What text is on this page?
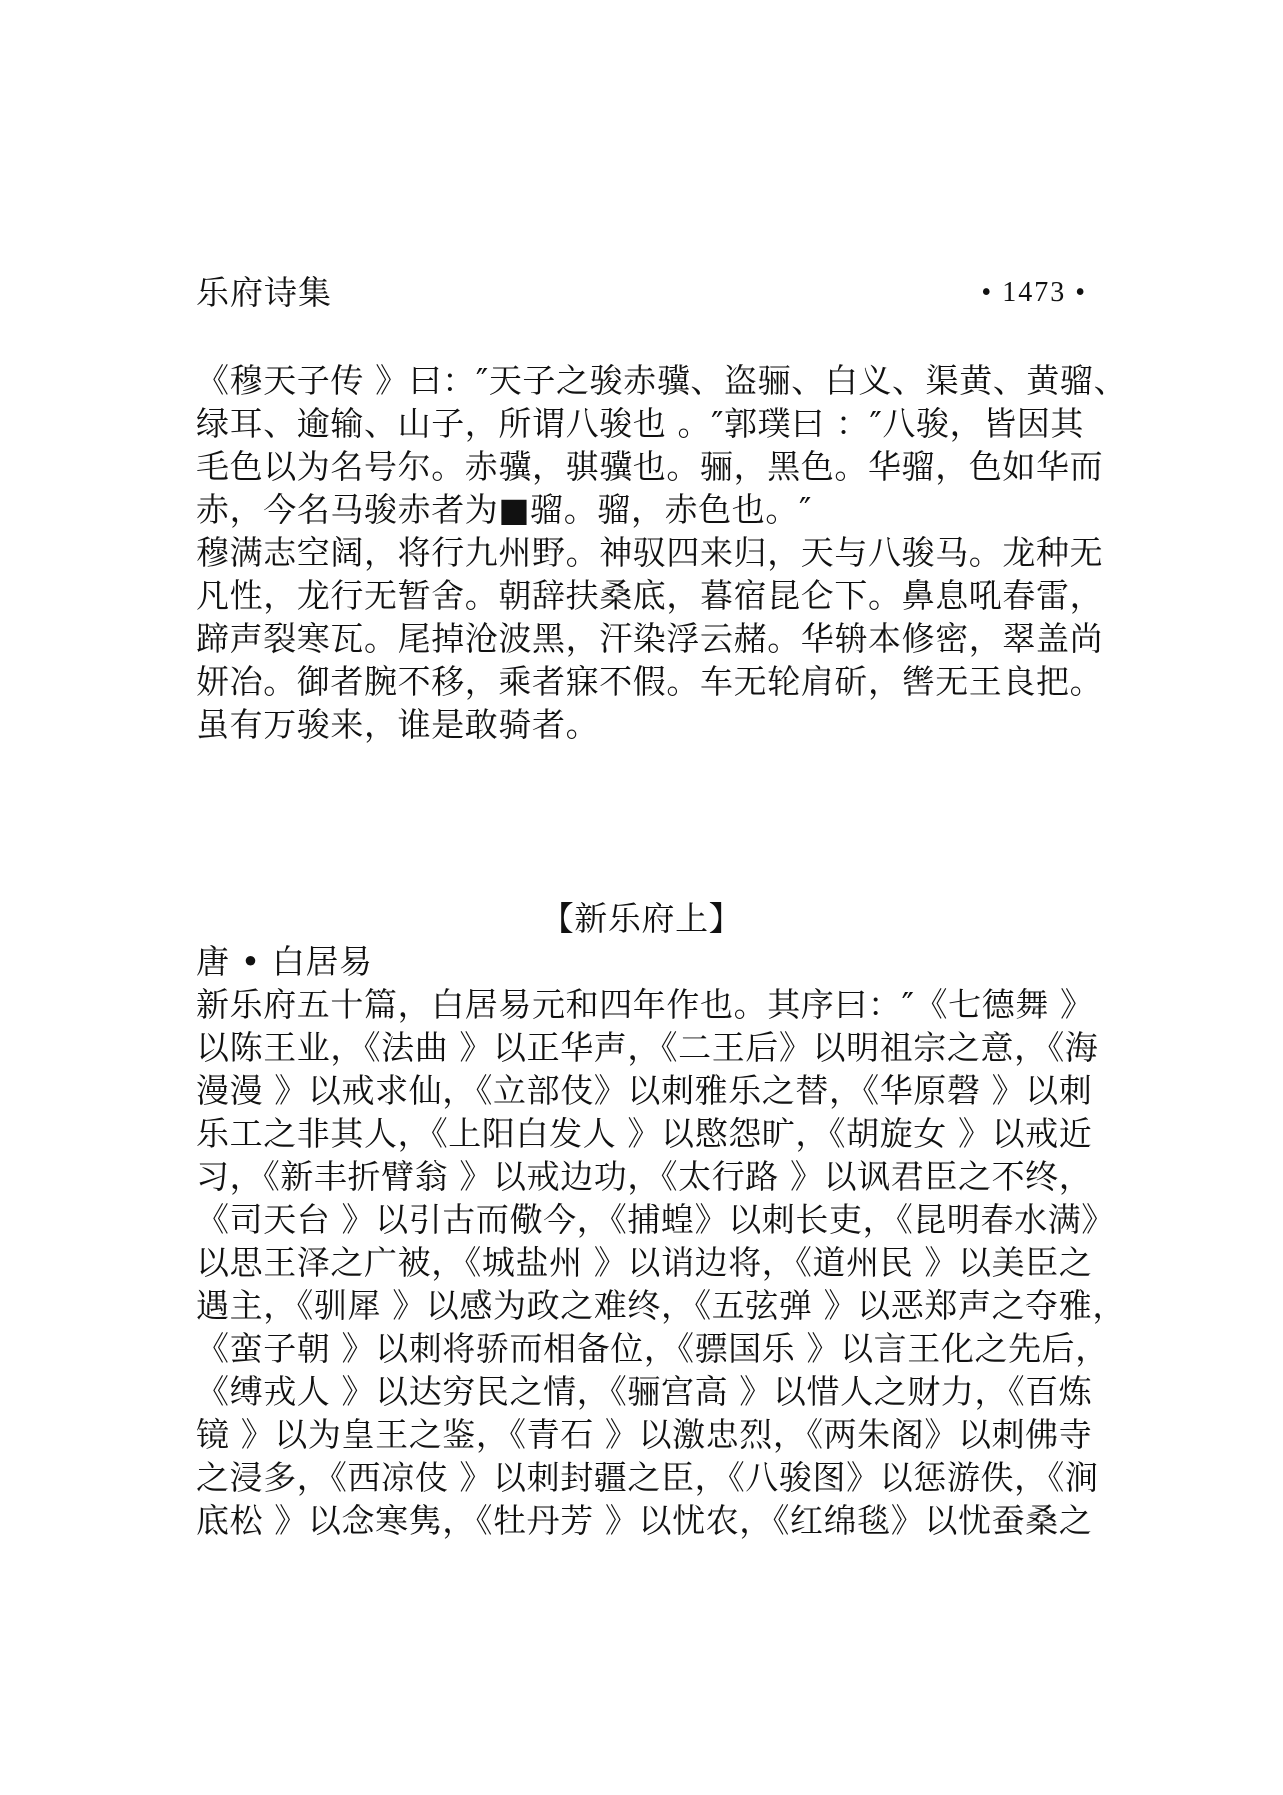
乐府诗集	• 1473 •
《穆天子传 》曰：″天子之骏赤骥、盗骊、白义、渠黄、黄骝、
绿耳、逾输、山子，所谓八骏也 。″郭璞曰 ：″八骏，皆因其
毛色以为名号尔。赤骥，骐骥也。骊，黑色。华骝，色如华而
赤，今名马骏赤者为■骝。骝，赤色也。″
穆满志空阔，将行九州野。神驭四来归，天与八骏马。龙种无
凡性，龙行无暂舍。朝辞扶桑底，暮宿昆仑下。鼻息吼春雷，
蹄声裂寒瓦。尾掉沧波黑，汗染浮云赭。华辀本修密，翠盖尚
妍冶。御者腕不移，乘者寐不假。车无轮肩斫，辔无王良把。
虽有万骏来，谁是敢骑者。
【新乐府上】
唐 • 白居易
新乐府五十篇，白居易元和四年作也。其序曰：″《七德舞 》
以陈王业，《法曲 》以正华声，《二王后》以明祖宗之意，《海
漫漫 》以戒求仙，《立部伎》以刺雅乐之替，《华原磬 》以刺
乐工之非其人，《上阳白发人 》以愍怨旷，《胡旋女 》以戒近
习，《新丰折臂翁 》以戒边功，《太行路 》以讽君臣之不终，
《司天台 》以引古而儆今，《捕蝗》以刺长吏，《昆明春水满》
以思王泽之广被，《城盐州 》以诮边将，《道州民 》以美臣之
遇主，《驯犀 》以感为政之难终，《五弦弹 》以恶郑声之夺雅，
《蛮子朝 》以刺将骄而相备位，《骠国乐 》以言王化之先后，
《缚戎人 》以达穷民之情，《骊宫高 》以惜人之财力，《百炼
镜 》以为皇王之鉴，《青石 》以激忠烈，《两朱阁》以刺佛寺
之浸多，《西凉伎 》以刺封疆之臣，《八骏图》以惩游佚，《涧
底松 》以念寒隽，《牡丹芳 》以忧农，《红绵毯》以忧蚕桑之
